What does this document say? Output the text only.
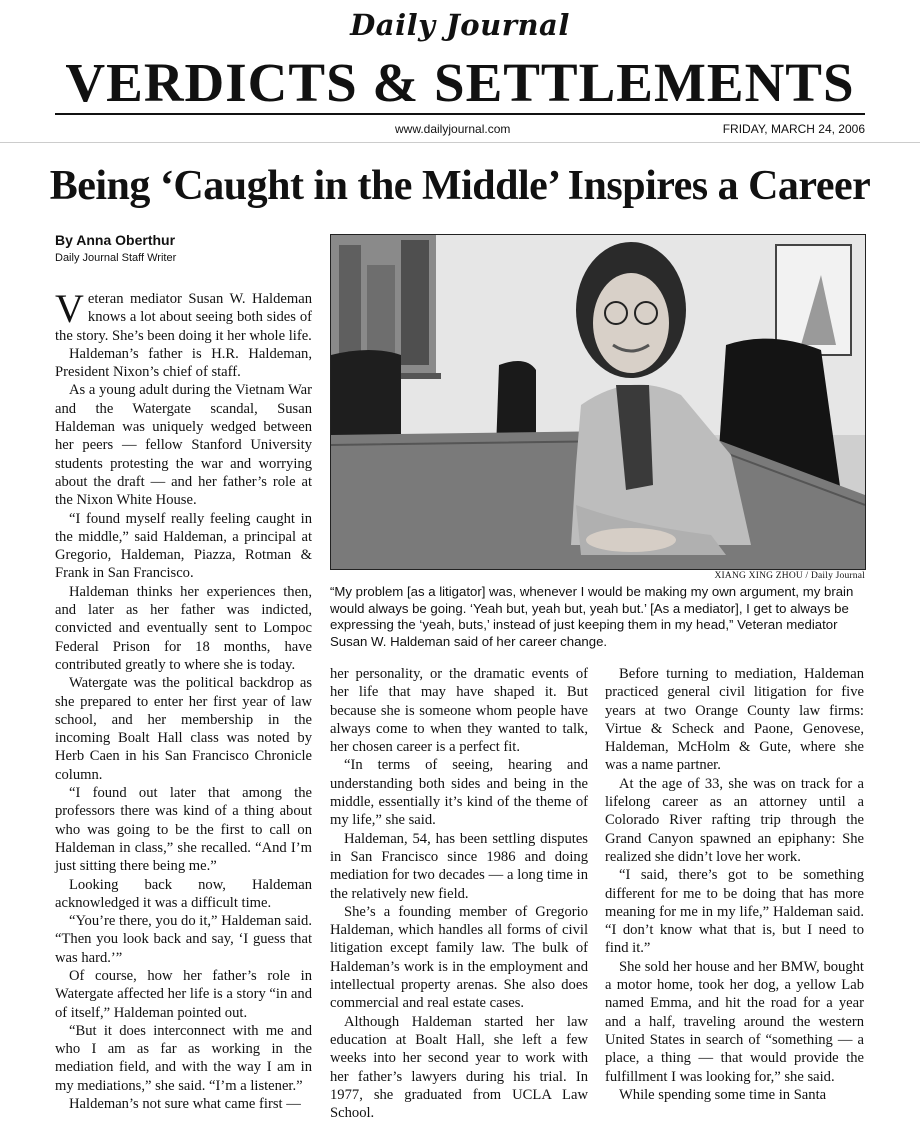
Daily Journal
VERDICTS & SETTLEMENTS
www.dailyjournal.com	FRIDAY, MARCH 24, 2006
Being ‘Caught in the Middle’ Inspires a Career
By Anna Oberthur
Daily Journal Staff Writer

Veteran mediator Susan W. Haldeman knows a lot about seeing both sides of the story. She’s been doing it her whole life.

Haldeman’s father is H.R. Haldeman, President Nixon’s chief of staff.

As a young adult during the Vietnam War and the Watergate scandal, Susan Haldeman was uniquely wedged between her peers — fellow Stanford University students protesting the war and worrying about the draft — and her father’s role at the Nixon White House.

“I found myself really feeling caught in the middle,” said Haldeman, a principal at Gregorio, Haldeman, Piazza, Rotman & Frank in San Francisco.

Haldeman thinks her experiences then, and later as her father was indicted, convicted and eventually sent to Lompoc Federal Prison for 18 months, have contributed greatly to where she is today.

Watergate was the political backdrop as she prepared to enter her first year of law school, and her membership in the incoming Boalt Hall class was noted by Herb Caen in his San Francisco Chronicle column.

“I found out later that among the professors there was kind of a thing about who was going to be the first to call on Haldeman in class,” she recalled. “And I’m just sitting there being me.”

Looking back now, Haldeman acknowledged it was a difficult time.

“You’re there, you do it,” Haldeman said. “Then you look back and say, ‘I guess that was hard.’”

Of course, how her father’s role in Watergate affected her life is a story “in and of itself,” Haldeman pointed out.

“But it does interconnect with me and who I am as far as working in the mediation field, and with the way I am in my mediations,” she said. “I’m a listener.”

Haldeman’s not sure what came first —

XIANG XING ZHOU / Daily Journal
“My problem [as a litigator] was, whenever I would be making my own argument, my brain would always be going. ‘Yeah but, yeah but, yeah but.’ [As a mediator], I get to always be expressing the ‘yeah, buts,’ instead of just keeping them in my head,” Veteran mediator Susan W. Haldeman said of her career change.

her personality, or the dramatic events of her life that may have shaped it. But because she is someone whom people have always come to when they wanted to talk, her chosen career is a perfect fit.

“In terms of seeing, hearing and understanding both sides and being in the middle, essentially it’s kind of the theme of my life,” she said.

Haldeman, 54, has been settling disputes in San Francisco since 1986 and doing mediation for two decades — a long time in the relatively new field.

She’s a founding member of Gregorio Haldeman, which handles all forms of civil litigation except family law. The bulk of Haldeman’s work is in the employment and intellectual property arenas. She also does commercial and real estate cases.

Although Haldeman started her law education at Boalt Hall, she left a few weeks into her second year to work with her father’s lawyers during his trial. In 1977, she graduated from UCLA Law School.

Before turning to mediation, Haldeman practiced general civil litigation for five years at two Orange County law firms: Virtue & Scheck and Paone, Genovese, Haldeman, McHolm & Gute, where she was a name partner.

At the age of 33, she was on track for a lifelong career as an attorney until a Colorado River rafting trip through the Grand Canyon spawned an epiphany: She realized she didn’t love her work.

“I said, there’s got to be something different for me to be doing that has more meaning for me in my life,” Haldeman said. “I don’t know what that is, but I need to find it.”

She sold her house and her BMW, bought a motor home, took her dog, a yellow Lab named Emma, and hit the road for a year and a half, traveling around the western United States in search of “something — a place, a thing — that would provide the fulfillment I was looking for,” she said.

While spending some time in Santa
